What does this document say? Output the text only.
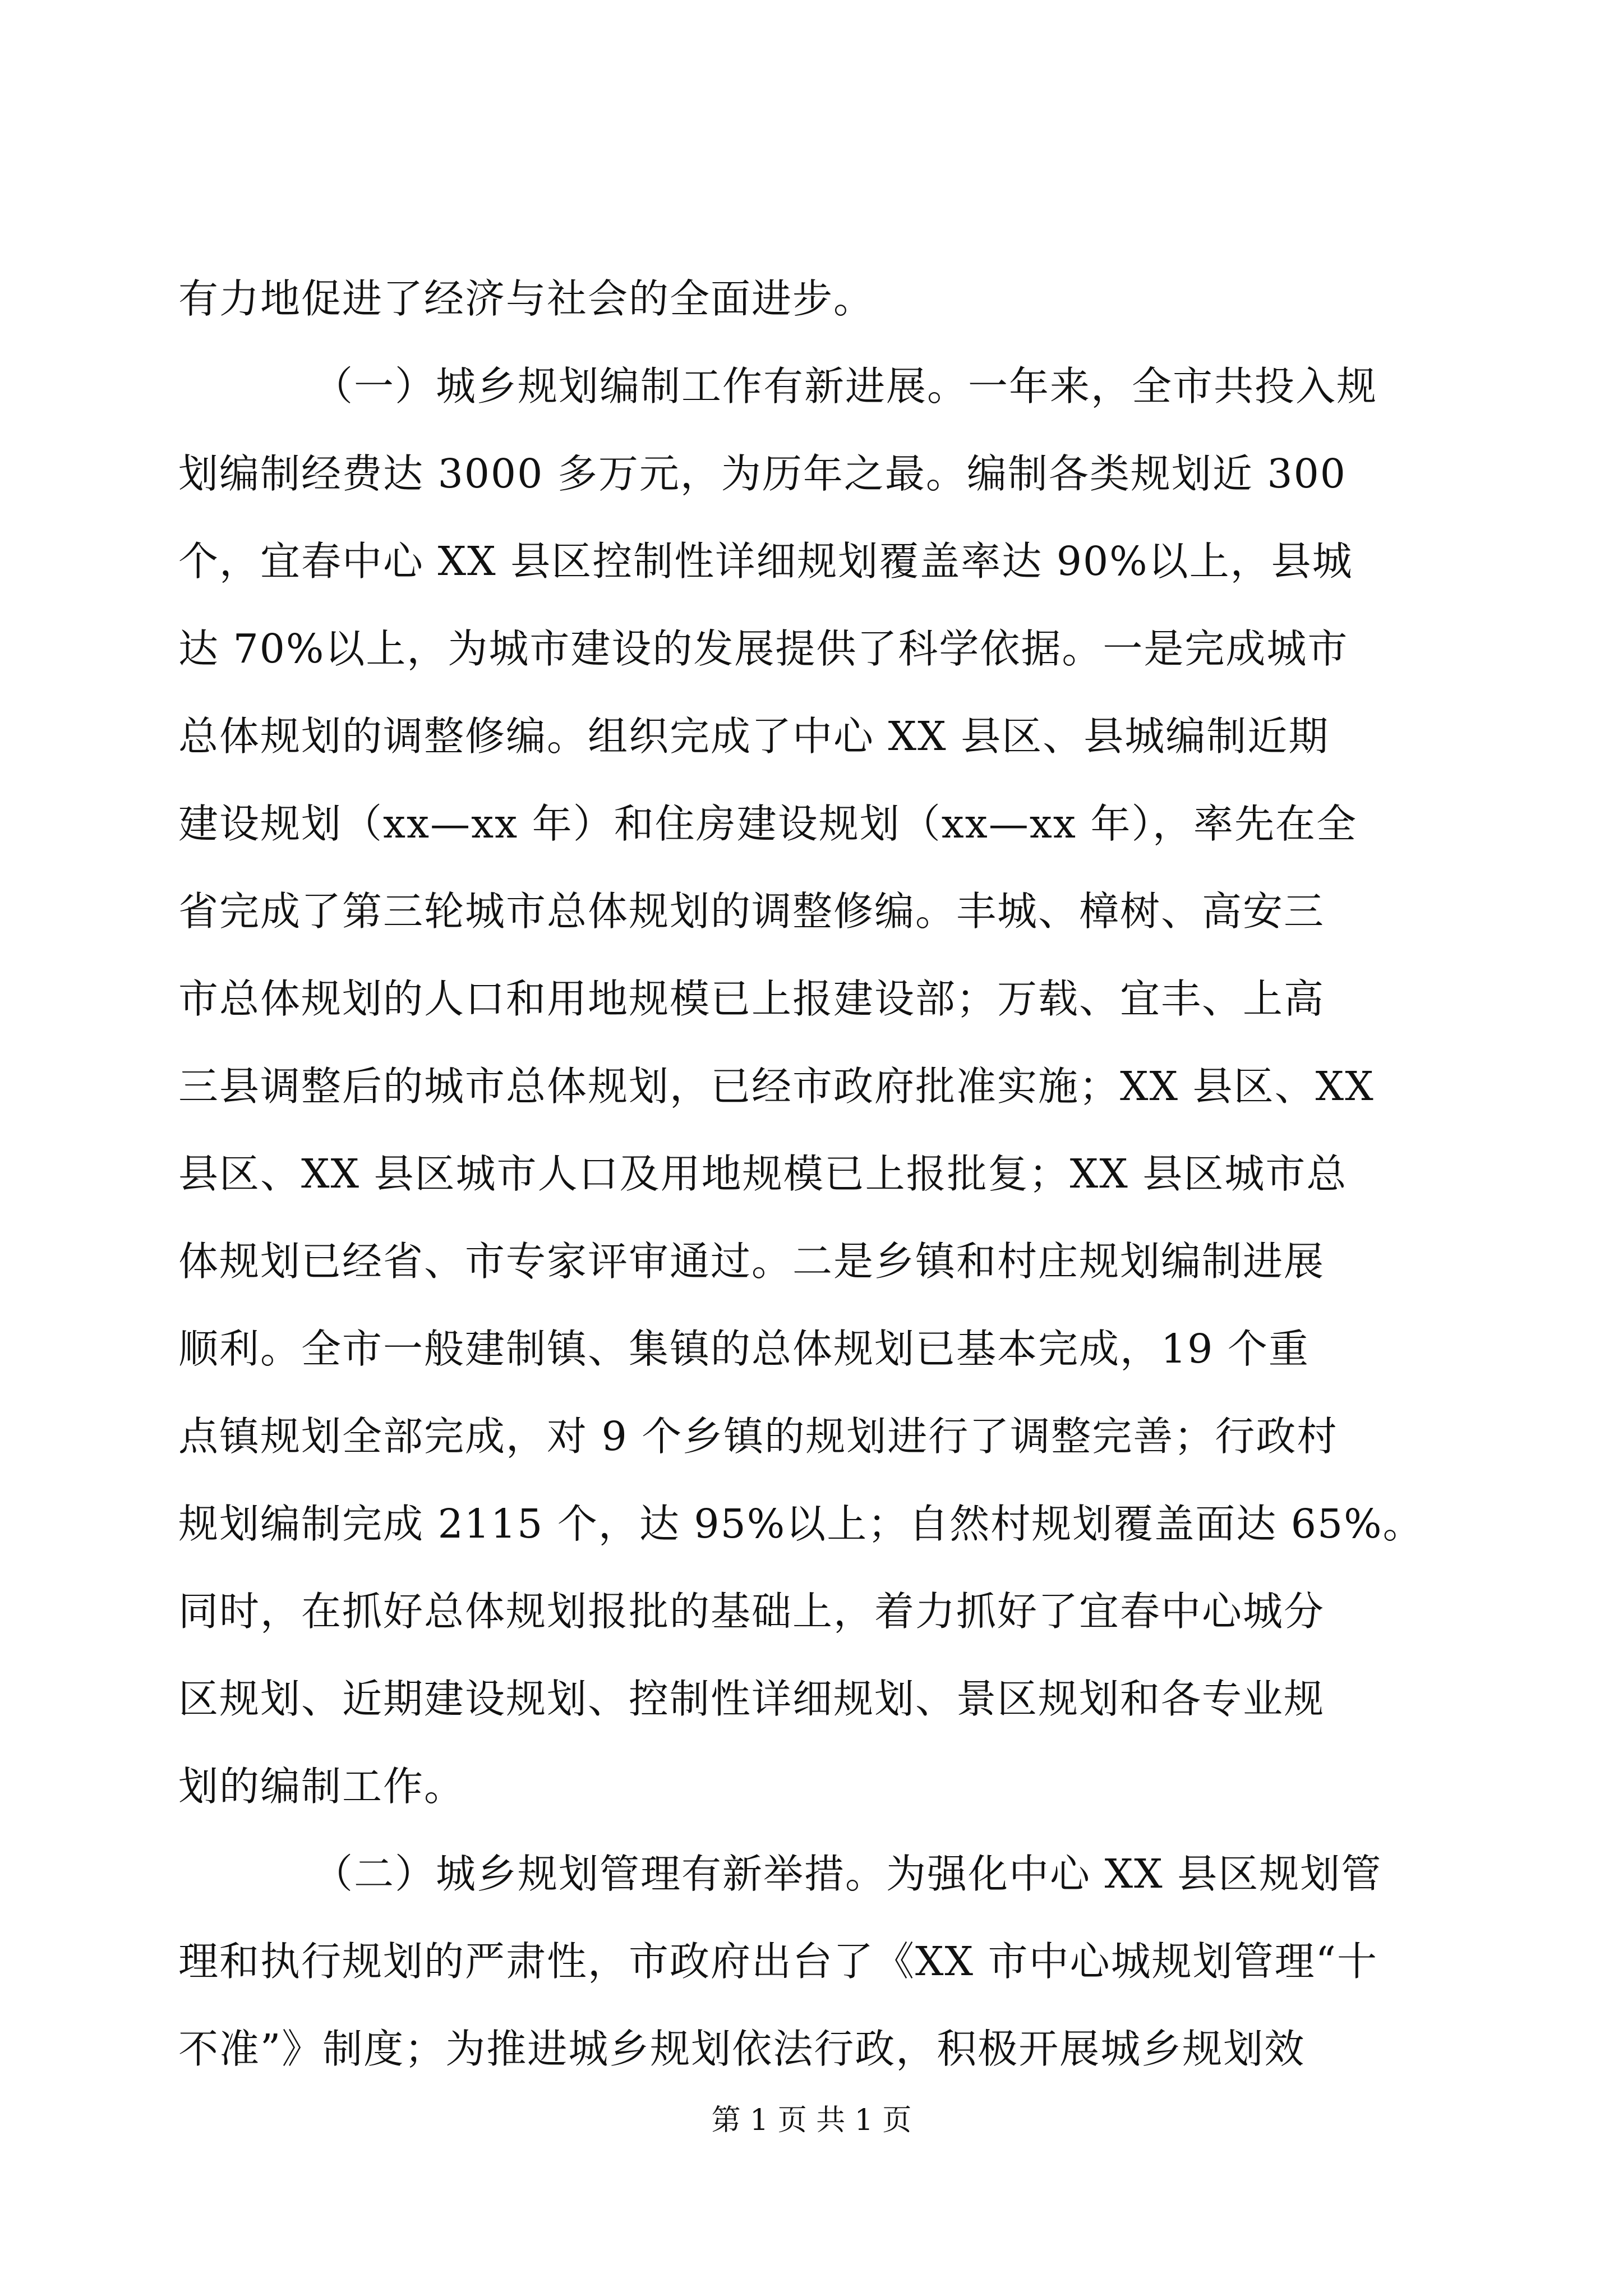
有力地促进了经济与社会的全面进步。
（一）城乡规划编制工作有新进展。一年来，全市共投入规
划编制经费达 3000 多万元，为历年之最。编制各类规划近 300
个，宜春中心 XX 县区控制性详细规划覆盖率达 90%以上，县城
达 70%以上，为城市建设的发展提供了科学依据。一是完成城市
总体规划的调整修编。组织完成了中心 XX 县区、县城编制近期
建设规划（xx—xx 年）和住房建设规划（xx—xx 年），率先在全
省完成了第三轮城市总体规划的调整修编。丰城、樟树、高安三
市总体规划的人口和用地规模已上报建设部；万载、宜丰、上高
三县调整后的城市总体规划，已经市政府批准实施；XX 县区、XX
县区、XX 县区城市人口及用地规模已上报批复；XX 县区城市总
体规划已经省、市专家评审通过。二是乡镇和村庄规划编制进展
顺利。全市一般建制镇、集镇的总体规划已基本完成，19 个重
点镇规划全部完成，对 9 个乡镇的规划进行了调整完善；行政村
规划编制完成 2115 个，达 95%以上；自然村规划覆盖面达 65%。
同时，在抓好总体规划报批的基础上，着力抓好了宜春中心城分
区规划、近期建设规划、控制性详细规划、景区规划和各专业规
划的编制工作。
（二）城乡规划管理有新举措。为强化中心 XX 县区规划管
理和执行规划的严肃性，市政府出台了《XX 市中心城规划管理“十
不准”》制度；为推进城乡规划依法行政，积极开展城乡规划效
第 1 页 共 1 页
